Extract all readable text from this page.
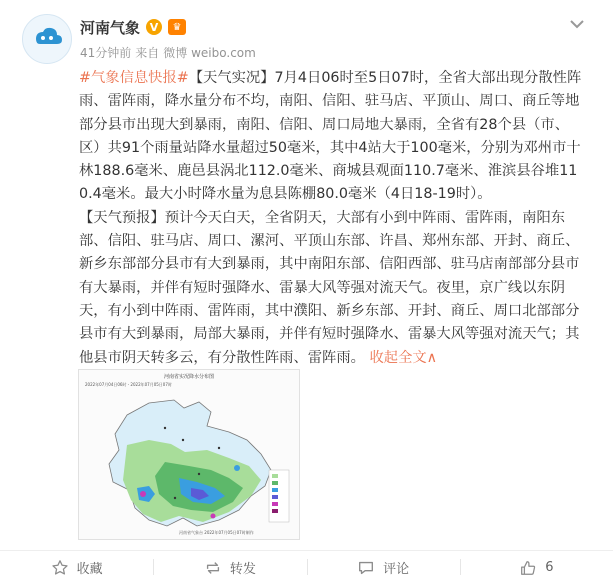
河南气象 V	♛
41分钟前 来自 微博 weibo.com
#气象信息快报#【天气实况】7月4日06时至5日07时，全省大部出现分散性阵雨、雷阵雨，降水量分布不均，南阳、信阳、驻马店、平顶山、周口、商丘等地部分县市出现大到暴雨，南阳、信阳、周口局地大暴雨，全省有28个县（市、区）共91个雨量站降水量超过50毫米，其中4站大于100毫米，分别为邓州市十林188.6毫米、鹿邑县涡北112.0毫米、商城县观面110.7毫米、淮滨县谷堆110.4毫米。最大小时降水量为息县陈棚80.0毫米（4日18-19时）。
【天气预报】预计今天白天，全省阴天，大部有小到中阵雨、雷阵雨，南阳东部、信阳、驻马店、周口、漯河、平顶山东部、许昌、郑州东部、开封、商丘、新乡东部部分县市有大到暴雨，其中南阳东部、信阳西部、驻马店南部部分县市有大暴雨，并伴有短时强降水、雷暴大风等强对流天气。夜里，京广线以东阴天，有小到中阵雨、雷阵雨，其中濮阳、新乡东部、开封、商丘、周口北部部分县市有大到暴雨，局部大暴雨，并伴有短时强降水、雷暴大风等强对流天气；其他县市阴天转多云，有分散性阵雨、雷阵雨。 收起全文∧
河南省实况降水分布图
2022年07月04日06时 - 2022年07月05日07时
河南省气象台 2022年07月05日07时制作
收藏	转发	评论	6
